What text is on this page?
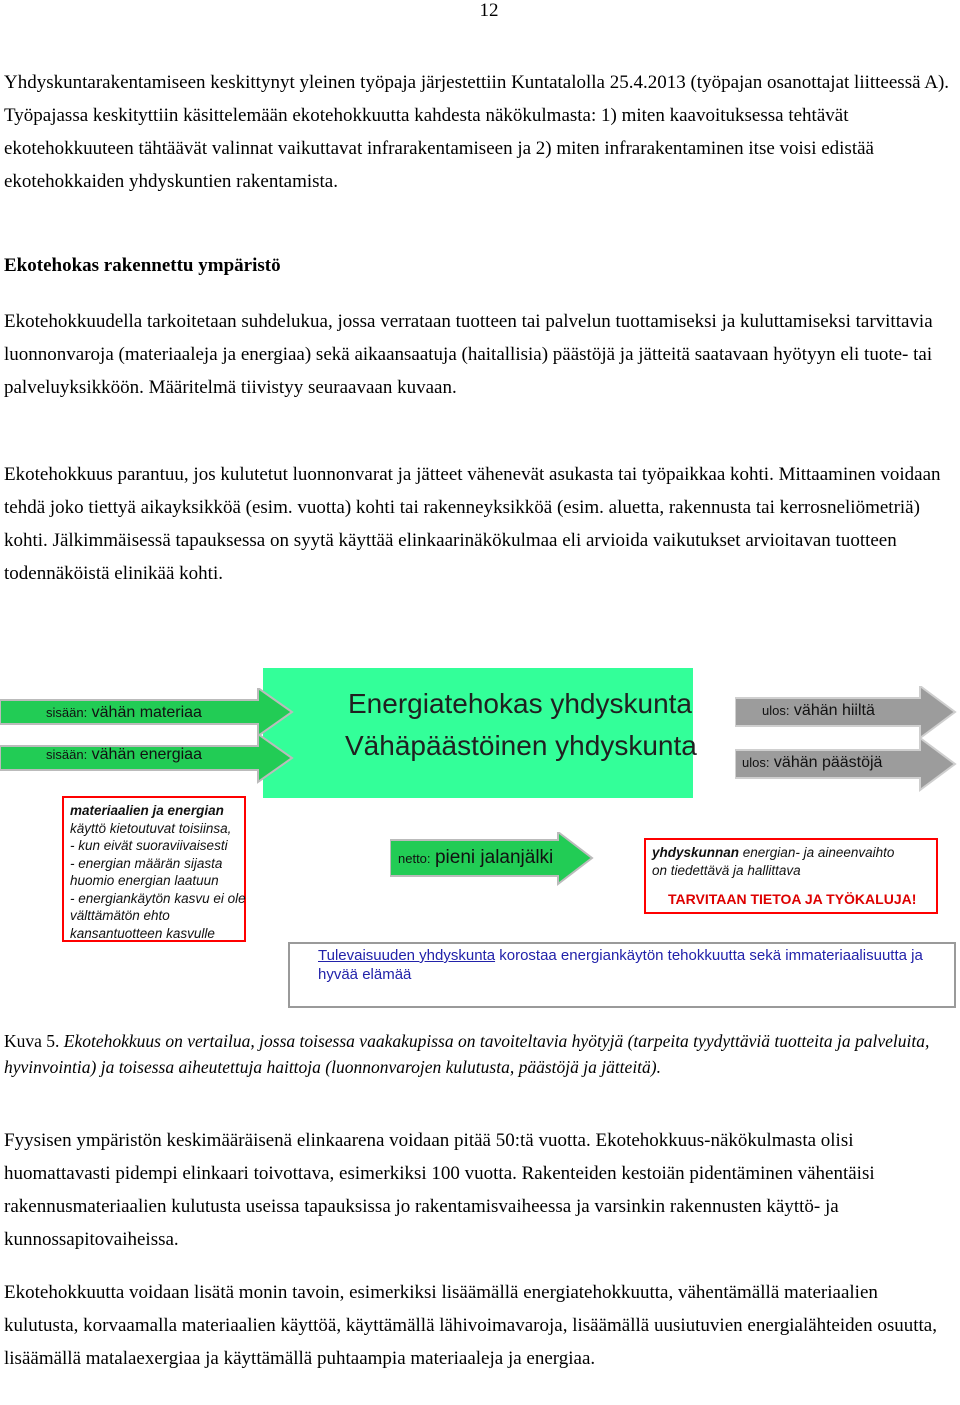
12

Yhdyskuntarakentamiseen keskittynyt yleinen työpaja järjestettiin Kuntatalolla 25.4.2013 (työpajan osanottajat liitteessä A). Työpajassa keskityttiin käsittelemään ekotehokkuutta kahdesta näkökulmasta: 1) miten kaavoituksessa tehtävät ekotehokkuuteen tähtäävät valinnat vaikuttavat infrarakentamiseen ja 2) miten infrarakentaminen itse voisi edistää ekotehokkaiden yhdyskuntien rakentamista.

Ekotehokas rakennettu ympäristö

Ekotehokkuudella tarkoitetaan suhdelukua, jossa verrataan tuotteen tai palvelun tuottamiseksi ja kuluttamiseksi tarvittavia luonnonvaroja (materiaaleja ja energiaa) sekä aikaansaatuja (haitallisia) päästöjä ja jätteitä saatavaan hyötyyn eli tuote- tai palveluyksikköön. Määritelmä tiivistyy seuraavaan kuvaan.

Ekotehokkuus parantuu, jos kulutetut luonnonvarat ja jätteet vähenevät asukasta tai työpaikkaa kohti. Mittaaminen voidaan tehdä joko tiettyä aikayksikköä (esim. vuotta) kohti tai rakenneyksikköä (esim. aluetta, rakennusta tai kerrosneliömetriä) kohti. Jälkimmäisessä tapauksessa on syytä käyttää elinkaarinäkökulmaa eli arvioida vaikutukset arvioitavan tuotteen todennäköistä elinikää kohti.

Energiatehokas yhdyskunta
Vähäpäästöinen yhdyskunta
sisään: vähän materiaa
sisään: vähän energiaa
ulos: vähän hiiltä
ulos: vähän päästöjä
materiaalien ja energian
käyttö kietoutuvat toisiinsa,
- kun eivät suoraviivaisesti
- energian määrän sijasta
huomio energian laatuun
- energiankäytön kasvu ei ole
välttämätön ehto
kansantuotteen kasvulle
netto: pieni jalanjälki	yhdyskunnan energian- ja aineenvaihto
on tiedettävä ja hallittava
TARVITAAN TIETOA JA TYÖKALUJA!
Tulevaisuuden yhdyskunta korostaa energiankäytön tehokkuutta sekä immateriaalisuutta ja hyvää elämää

Kuva 5. Ekotehokkuus on vertailua, jossa toisessa vaakakupissa on tavoiteltavia hyötyjä (tarpeita tyydyttäviä tuotteita ja palveluita, hyvinvointia) ja toisessa aiheutettuja haittoja (luonnonvarojen kulutusta, päästöjä ja jätteitä).

Fyysisen ympäristön keskimääräisenä elinkaarena voidaan pitää 50:tä vuotta. Ekotehokkuus-näkökulmasta olisi huomattavasti pidempi elinkaari toivottava, esimerkiksi 100 vuotta. Rakenteiden kestoiän pidentäminen vähentäisi rakennusmateriaalien kulutusta useissa tapauksissa jo rakentamisvaiheessa ja varsinkin rakennusten käyttö- ja kunnossapitovaiheissa.

Ekotehokkuutta voidaan lisätä monin tavoin, esimerkiksi lisäämällä energiatehokkuutta, vähentämällä materiaalien kulutusta, korvaamalla materiaalien käyttöä, käyttämällä lähivoimavaroja, lisäämällä uusiutuvien energialähteiden osuutta, lisäämällä matalaexergiaa ja käyttämällä puhtaampia materiaaleja ja energiaa.
